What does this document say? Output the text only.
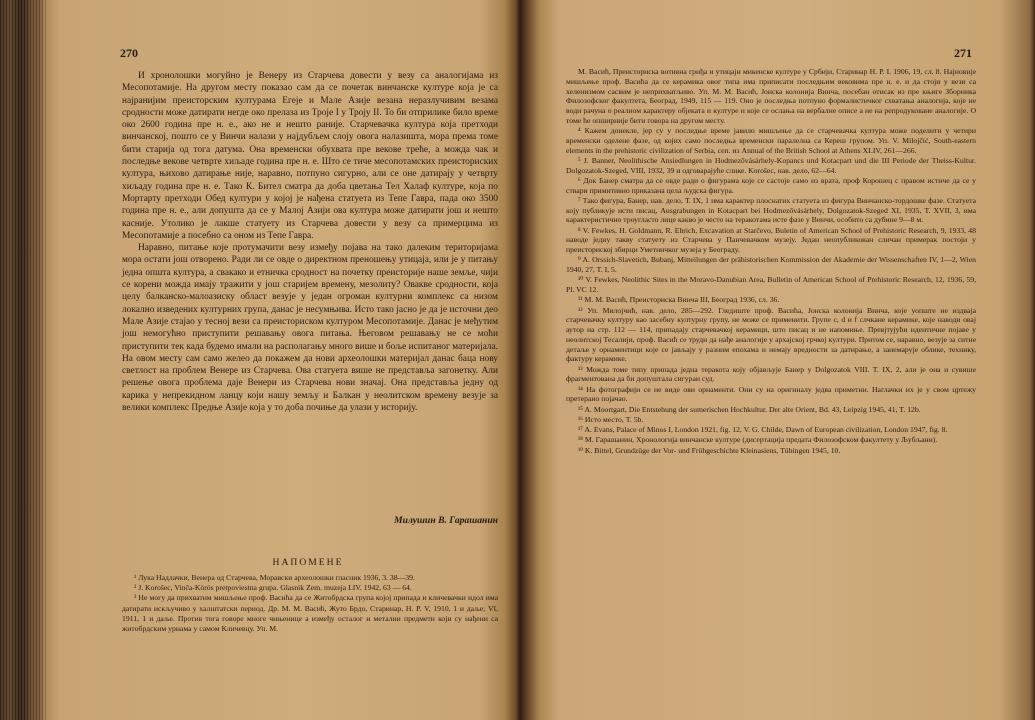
270

И хронолошки могуйно је Венеру из Старчева довести у везу са аналогијама из Месопотамије. На другом месту показао сам да се почетак винчанске културе која је са најранијим преисторским културама Егеје и Мале Азије везана неразлучивим везама сродности може датирати негде око прелаза из Троје I у Троју II. То би отприлике било време око 2600 година пре н. е., ако не и нешто раније. Старчевачка култура која претходи винчанској, пошто се у Винчи налази у најдубљем слоју овога налазишта, мора према томе бити старија од тога датума. Она временски обухвата пре векове треће, а можда чак и последње векове четврте хиљаде година пре н. е. Што се тиче месопотамских преисториских култура, њихово датирање није, наравно, потпуно сигурно, али се оне датирају у четврту хиљаду година пре н. е. Тако К. Бител сматра да доба цветања Тел Халаф културе, која по Мортарту претходи Обед култури у којој је нађена статуета из Тепе Гавра, пада око 3500 година пре н. е., али допушта да се у Малој Азији ова култура може датирати још и нешто касније. Утолико је лакше статуету из Старчева довести у везу са примерцима из Месопотамије а посебно са оном из Тепе Гавра.

Наравно, питање које протумачити везу између појава на тако далеким територијама мора остати још отворено. Ради ли се овде о директном преношењу утицаја, или је у питању једна општа култура, а свакако и етничка сродност на почетку преисторије наше земље, чији се корени можда имају тражити у још старијем времену, мезолиту? Овакве сродности, која целу балканско-малоазиску област везује у један огроман културни комплекс са низом локално изведених културних група, данас је несумњива. Исто тако јасно је да је источни део Мале Азије стајао у тесној вези са преисториском културом Месопотамије. Данас је међутим још немогућно приступити решавању овога питања. Његовом решавању не се моћи приступити тек када будемо имали на располагању много више и боље испитаног материјала. На овом месту сам само желео да покажем да нови археолошки материјал данас баца нову светлост на проблем Венере из Старчева. Ова статуета више не представља загонетку. Али решење овога проблема даје Венери из Старчева нови значај. Она представља једну од карика у непрекидном ланцу који нашу земљу и Балкан у неолитском времену везује за велики комплекс Предње Азије која у то доба почиње да улази у историју.

Милушин В. Гарашанин
НАПОМЕНЕ

¹ Лука Надлачки, Венера од Старчева, Моравски археолошки гласник 1936, 3. 38—39.

² J. Korošec, Vinča-Körös pretpoviestna grupa. Glasnik Zem. muzeja LIV. 1942, 63 — 64.

³ Не могу да прихватим мишљење проф. Васића да се Житобрдска група којој припада и кличевачки идол има датирати искључиво у халштатски период. Др. М. М. Васић, Жуто Брдо, Старинар, Н. Р. V, 1910, 1 и даље; VI, 1911, 1 и даље. Против тога говоре многе чињенице а између осталог и метални предмети који су нађени са житобрдским урнама у самом Кличевцу. Уп. М.

271

М. Васић, Преисториска вотивна гриђа и утицаји микенске културе у Србији, Старинар Н. Р. I. 1906, 19, сл. 8. Најновије мишљење проф. Васића да се керамика овог типа има приписати последњим вековима пре н. е. и да стоји у вези са хеленизмом сасвим је неприхватљиво. Уп. М. М. Васић, Јонска колонија Винча, посебан отисак из пре књиге Зборника Филозофског факултета, Београд, 1949, 115 — 119. Оно је последња потпуно формалистичког схватања аналогија, које не води рачуна о реалном карактеру објеката и културе и које се ослања на вербалне описе а не на репродуковане аналогије. О томе ће опширније бити говора на другом месту.

⁴ Кажем донекле, јер су у последње време јавило мишљење да се старчевачка култура може поделити у четири временски оделене фазе, од којих само последња временски паралелна са Кереш групом. Уп. V. Milojčić, South-eastern elements in the prehistoric civilization of Serbia, сеп. из Annual of the British School at Athens XLIV, 261—266.

⁵ J. Banner, Neolithische Ansiedlungen in Hodmezővásárhely-Kopancs und Kotacpart und die III Periode der Theiss-Kultur. Dolgozatok-Szeged, VIII, 1932, 39 и одговарајуће слике. Korošec, нав. дело, 62—64.

⁶ Док Банер сматра да се овде ради о фигурама које се састоје само из врата, проф Корошец с правом истиче да се у ствари примитивно приказана цела људска фигура.

⁷ Тако фигура, Банер, нав. дело, Т. IX, 1 има карактер плоснатих статуета из фигура Винчанско-тордошке фазе. Статуета коју публикује исти писац, Ausgrabungen in Kotacpart bei Hodmezővásárhely, Dolgozatok-Szeged XI, 1935, Т. XVII, 3, има карактеристично троугласто лице какво је често на теракотама исте фазе у Винчи, особито са дубине 9—8 м.

⁸ V. Fewkes, H. Goldmann, R. Ehrich, Excavation at Starčevo, Buletin of American School of Prehistoric Research, 9, 1933, 48 наводе једну такву статуету из Старчева у Панчевачком музеју. Један неопубликован сличан примерак постоји у преисториској збирци Уметничког музеја у Београду.

⁹ A. Orssich-Slavetich, Bubanj, Mitteilungen der prähistorischen Kommission der Akademie der Wissenschaften IV, 1—2, Wien 1940, 27, T. I, 5.

¹⁰ V. Fewkes, Neolithic Sites in the Moravo-Danubian Area, Bulletin of American School of Prehistoric Research, 12, 1936, 59, Pl. VC 12.

¹¹ М. М. Васић, Преисториска Винча III, Београд 1936, сл. 36.

¹² Уп. Милојчић, нав. дело, 285—292. Гледиште проф. Васића, Јонска колонија Винча, које уопште не издваја старчевачку културу као засебну културну групу, не може се применити. Групе с, d и f слчкане керамике, које наводи овај аутор на стр. 112 — 114, припадају старчевачкој керамици, што писац и не напомиње. Превјтујући идентичне појаве у неолитској Тесалији, проф. Васић се труди да нађе аналогије у архајској грчкој култури. Притом се, наравно, везује за ситне детаље у орнаментици које се јављају у разним епохама и немају вредности за датирање, а занемарује облике, технику, фактуру керамике.

¹³ Можда томе типу припада једна теракота коју објављује Банер у Dolgozatok VIII. T. IX, 2, али је она и сувише фрагментована да би допуштала сигуран суд.

¹⁴ На фотографији се не виде ови орнаменти. Они су на оригиналу једва приметни. Наглачки их је у свом цртежу претерано појачао.

¹⁵ A. Moortgart, Die Entstehung der sumerischen Hochkultur. Der alte Orient, Bd. 43, Leipzig 1945, 41, T. 12b.

¹⁶ Исто место, T. 5b.

¹⁷ A. Evans, Palace of Minos I, London 1921, fig. 12, V. G. Childe, Dawn of European civilization, London 1947, fig. 8.

¹⁸ М. Гарашанин, Хронологија винчанске културе (дисертација предата Филозофском факултету у Љубљани).

¹⁹ K. Bittel, Grundzüge der Vor- und Frühgeschichte Kleinasiens, Tübingen 1945, 10.
